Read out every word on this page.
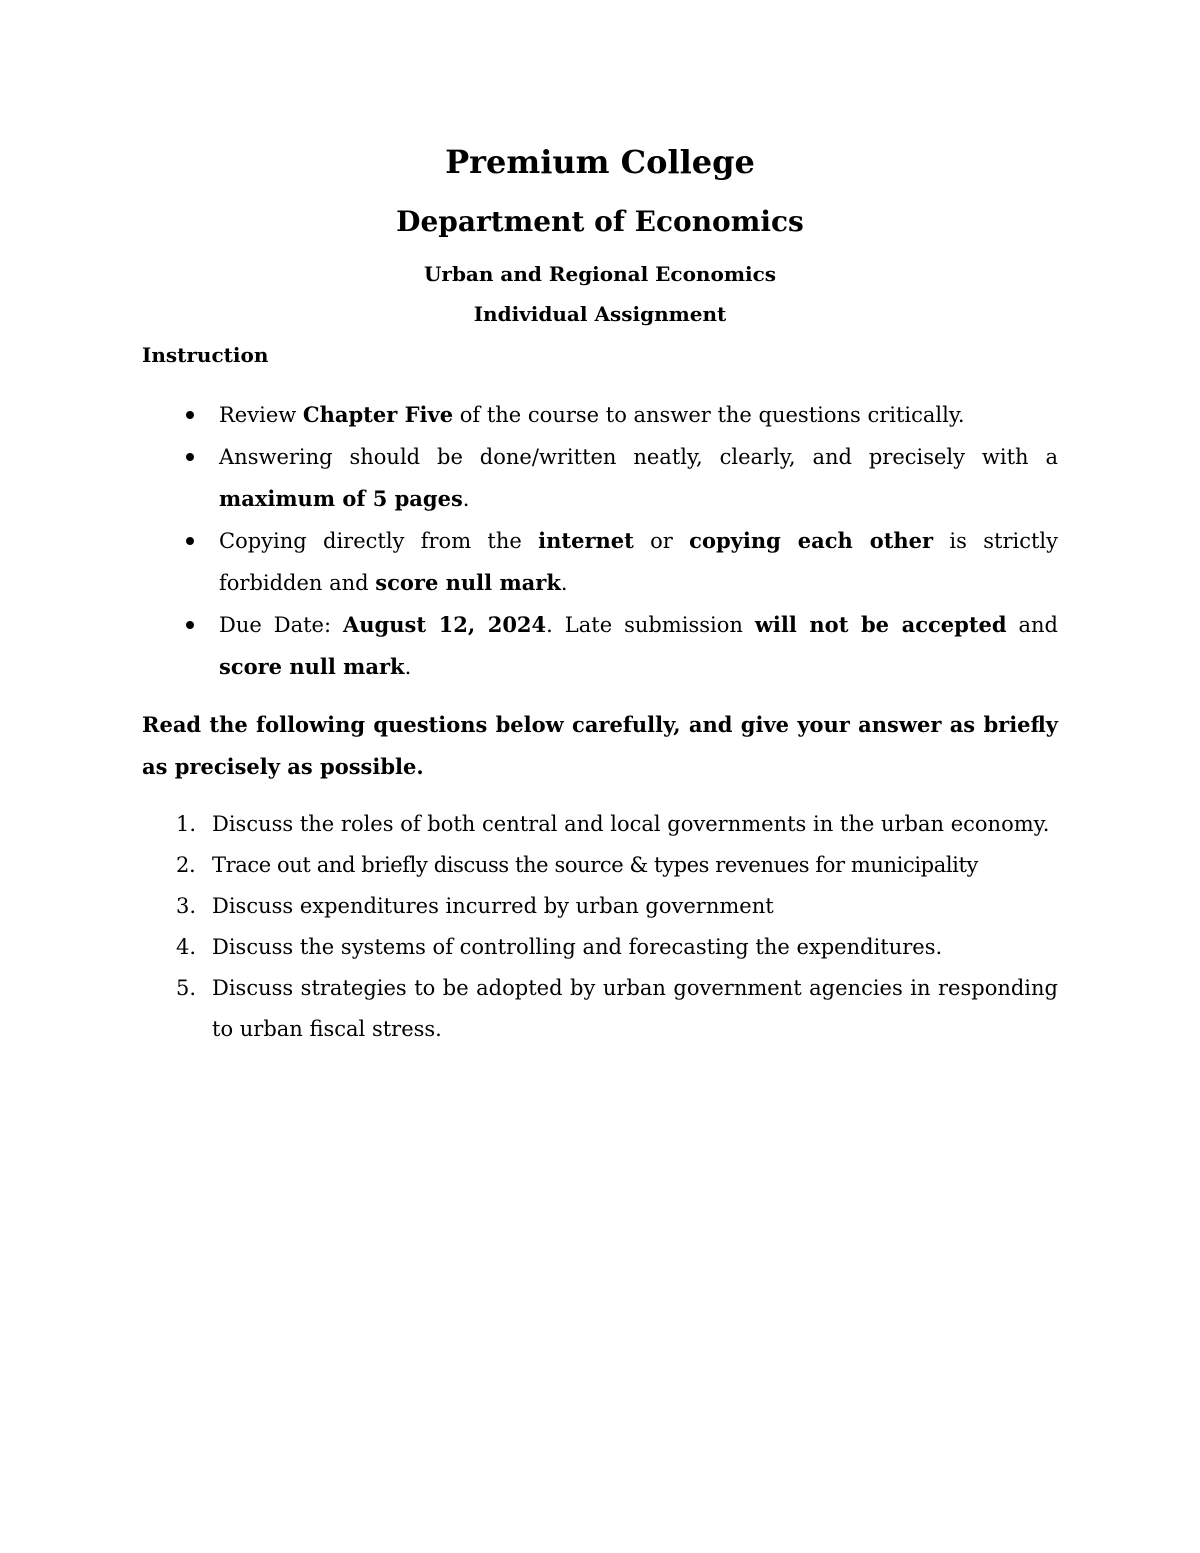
Premium College
Department of Economics
Urban and Regional Economics
Individual Assignment
Instruction
Review Chapter Five of the course to answer the questions critically.
Answering should be done/written neatly, clearly, and precisely with a maximum of 5 pages.
Copying directly from the internet or copying each other is strictly forbidden and score null mark.
Due Date: August 12, 2024. Late submission will not be accepted and score null mark.

Read the following questions below carefully, and give your answer as briefly as precisely as possible.

1. Discuss the roles of both central and local governments in the urban economy.
2. Trace out and briefly discuss the source & types revenues for municipality
3. Discuss expenditures incurred by urban government
4. Discuss the systems of controlling and forecasting the expenditures.
5. Discuss strategies to be adopted by urban government agencies in responding to urban fiscal stress.
